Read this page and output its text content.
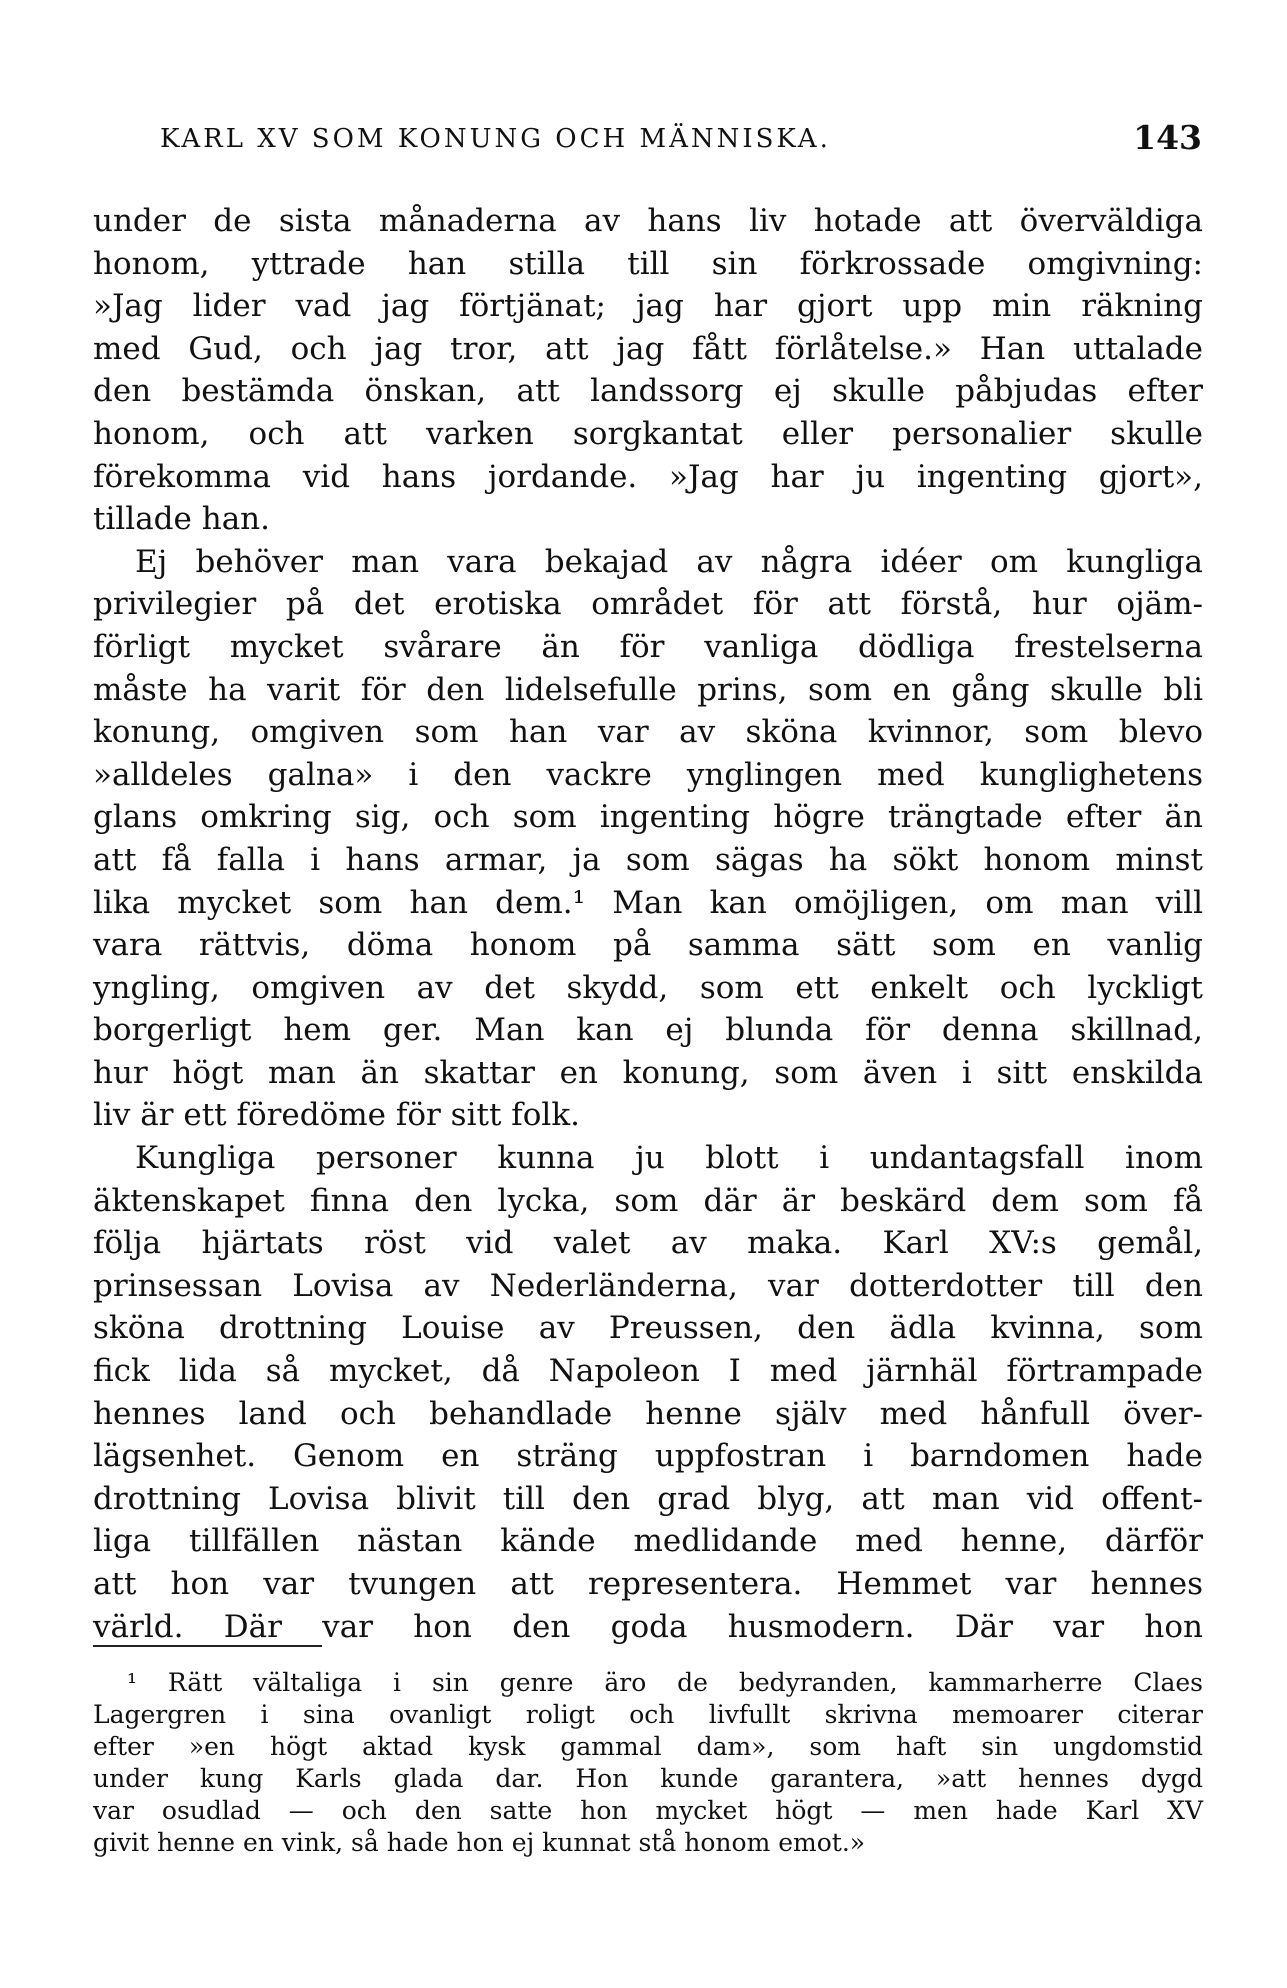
KARL XV SOM KONUNG OCH MÄNNISKA.	143
under de sista månaderna av hans liv hotade att överväldiga
honom, yttrade han stilla till sin förkrossade omgivning:
»Jag lider vad jag förtjänat; jag har gjort upp min räkning
med Gud, och jag tror, att jag fått förlåtelse.» Han uttalade
den bestämda önskan, att landssorg ej skulle påbjudas efter
honom, och att varken sorgkantat eller personalier skulle
förekomma vid hans jordande. »Jag har ju ingenting gjort»,
tillade han.
Ej behöver man vara bekajad av några idéer om kungliga
privilegier på det erotiska området för att förstå, hur ojäm-
förligt mycket svårare än för vanliga dödliga frestelserna
måste ha varit för den lidelsefulle prins, som en gång skulle bli
konung, omgiven som han var av sköna kvinnor, som blevo
»alldeles galna» i den vackre ynglingen med kunglighetens
glans omkring sig, och som ingenting högre trängtade efter än
att få falla i hans armar, ja som sägas ha sökt honom minst
lika mycket som han dem.¹ Man kan omöjligen, om man vill
vara rättvis, döma honom på samma sätt som en vanlig
yngling, omgiven av det skydd, som ett enkelt och lyckligt
borgerligt hem ger. Man kan ej blunda för denna skillnad,
hur högt man än skattar en konung, som även i sitt enskilda
liv är ett föredöme för sitt folk.
Kungliga personer kunna ju blott i undantagsfall inom
äktenskapet finna den lycka, som där är beskärd dem som få
följa hjärtats röst vid valet av maka. Karl XV:s gemål,
prinsessan Lovisa av Nederländerna, var dotterdotter till den
sköna drottning Louise av Preussen, den ädla kvinna, som
fick lida så mycket, då Napoleon I med järnhäl förtrampade
hennes land och behandlade henne själv med hånfull över-
lägsenhet. Genom en sträng uppfostran i barndomen hade
drottning Lovisa blivit till den grad blyg, att man vid offent-
liga tillfällen nästan kände medlidande med henne, därför
att hon var tvungen att representera. Hemmet var hennes
värld. Där var hon den goda husmodern. Där var hon
¹ Rätt vältaliga i sin genre äro de bedyranden, kammarherre Claes
Lagergren i sina ovanligt roligt och livfullt skrivna memoarer citerar
efter »en högt aktad kysk gammal dam», som haft sin ungdomstid
under kung Karls glada dar. Hon kunde garantera, »att hennes dygd
var osudlad — och den satte hon mycket högt — men hade Karl XV
givit henne en vink, så hade hon ej kunnat stå honom emot.»
